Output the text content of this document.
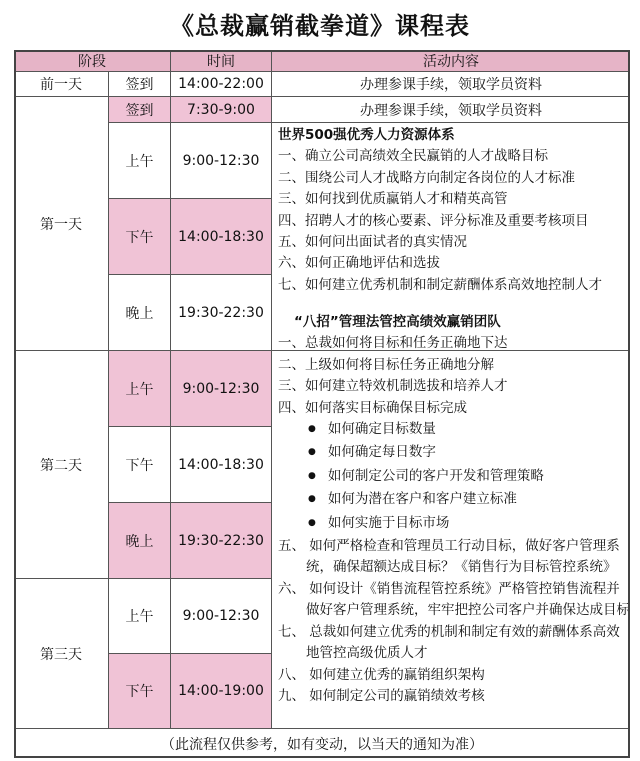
《总裁赢销截拳道》课程表
阶段	时间	活动内容
前一天	签到	14:00-22:00	办理参课手续，领取学员资料
第一天
签到	7:30-9:00	办理参课手续，领取学员资料
上午	9:00-12:30
下午	14:00-18:30
晚上	19:30-22:30
第二天
上午	9:00-12:30
下午	14:00-18:30
晚上	19:30-22:30
第三天
上午	9:00-12:30
下午	14:00-19:00
世界500强优秀人力资源体系
一、确立公司高绩效全民赢销的人才战略目标
二、围绕公司人才战略方向制定各岗位的人才标准
三、如何找到优质赢销人才和精英高管
四、招聘人才的核心要素、评分标准及重要考核项目
五、如何问出面试者的真实情况
六、如何正确地评估和选拔
七、如何建立优秀机制和制定薪酬体系高效地控制人才
“八招”管理法管控高绩效赢销团队
一、总裁如何将目标和任务正确地下达
二、上级如何将目标任务正确地分解
三、如何建立特效机制选拔和培养人才
四、如何落实目标确保目标完成
● 如何确定目标数量
● 如何确定每日数字
● 如何制定公司的客户开发和管理策略
● 如何为潜在客户和客户建立标准
● 如何实施于目标市场
五、 如何严格检查和管理员工行动目标，做好客户管理系统，确保超额达成目标？《销售行为目标管控系统》
六、 如何设计《销售流程管控系统》严格管控销售流程并做好客户管理系统，牢牢把控公司客户并确保达成目标
七、 总裁如何建立优秀的机制和制定有效的薪酬体系高效地管控高级优质人才
八、 如何建立优秀的赢销组织架构
九、 如何制定公司的赢销绩效考核
（此流程仅供参考，如有变动，以当天的通知为准）
